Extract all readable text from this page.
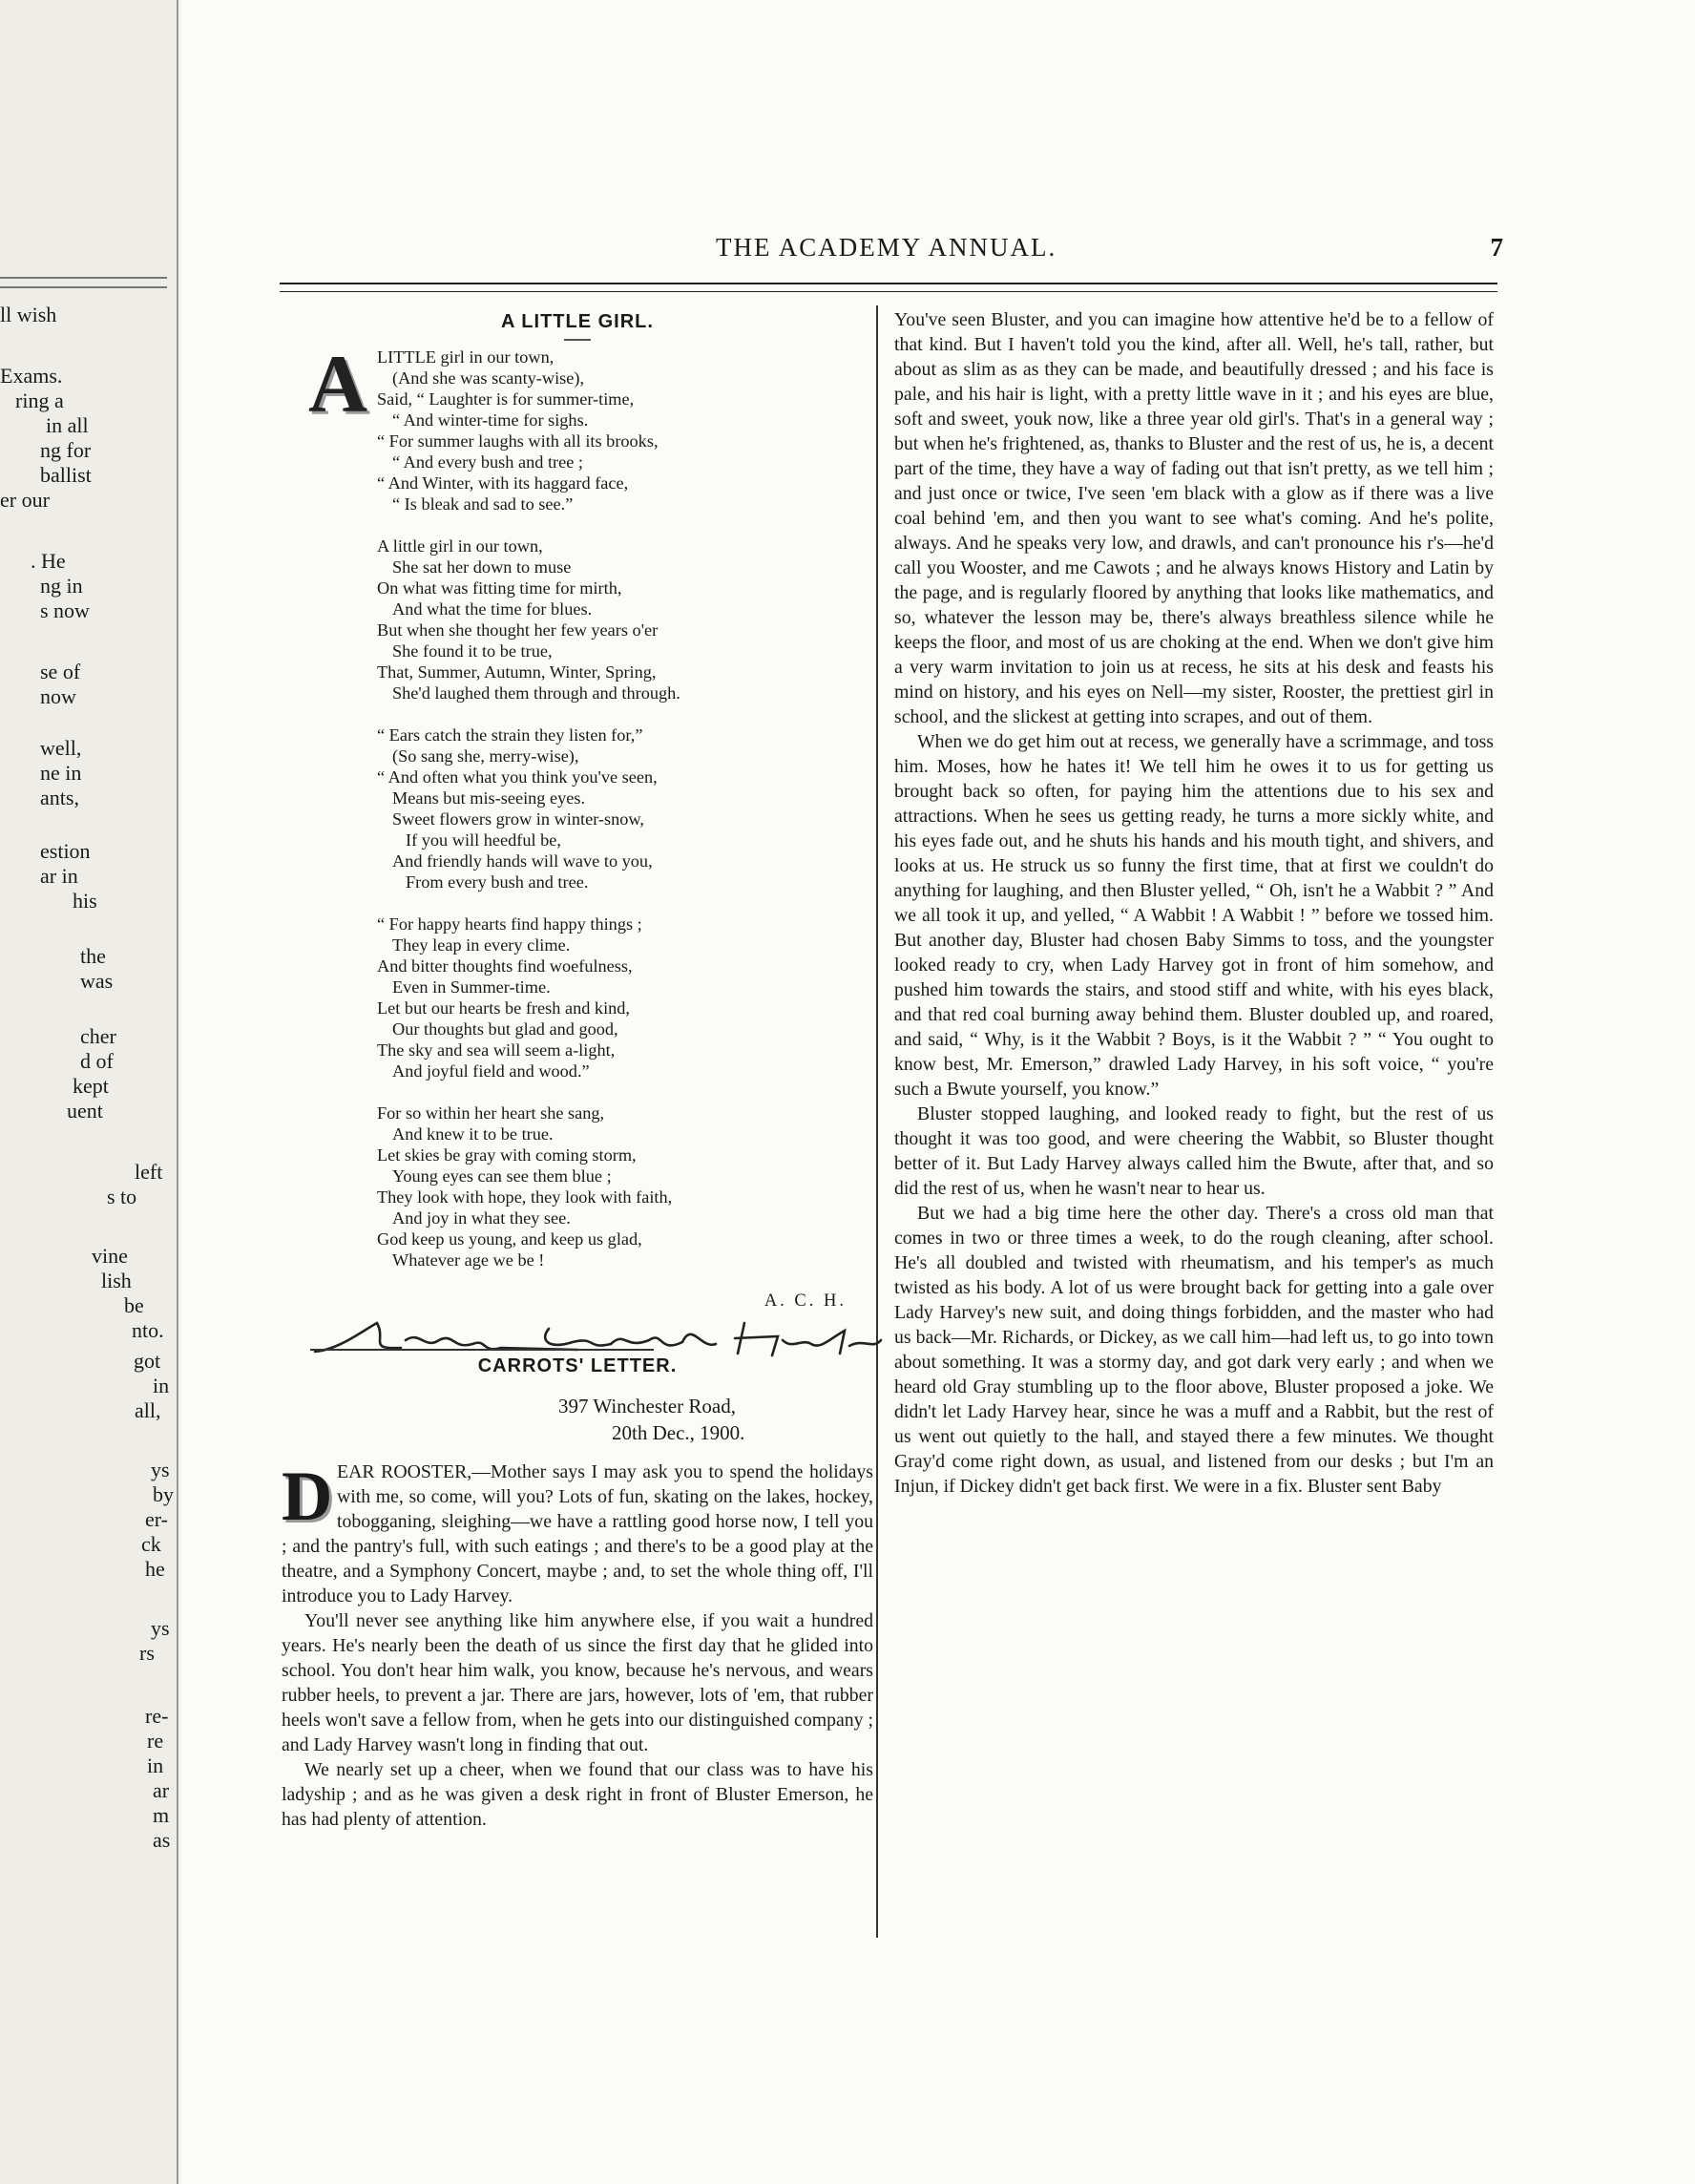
ll wish
Exams.
ring a
in all
ng for
ballist
er our
. He
ng in
s now
se of
now
well,
ne in
ants,
estion
ar in
his
the
was
cher
d of
kept
uent
left
s to
vine
lish
be
nto.
got
in
all,
ys
by
er-
ck
he
ys
rs
re-
re
in
ar
m
as
THE ACADEMY ANNUAL.	7
A LITTLE GIRL.
A LITTLE girl in our town,
(And she was scanty-wise),
Said, “ Laughter is for summer-time,
“ And winter-time for sighs.
“ For summer laughs with all its brooks,
“ And every bush and tree ;
“ And Winter, with its haggard face,
“ Is bleak and sad to see.”
A little girl in our town,
She sat her down to muse
On what was fitting time for mirth,
And what the time for blues.
But when she thought her few years o'er
She found it to be true,
That, Summer, Autumn, Winter, Spring,
She'd laughed them through and through.
“ Ears catch the strain they listen for,”
(So sang she, merry-wise),
“ And often what you think you've seen,
Means but mis-seeing eyes.
Sweet flowers grow in winter-snow,
If you will heedful be,
And friendly hands will wave to you,
From every bush and tree.
“ For happy hearts find happy things ;
They leap in every clime.
And bitter thoughts find woefulness,
Even in Summer-time.
Let but our hearts be fresh and kind,
Our thoughts but glad and good,
The sky and sea will seem a-light,
And joyful field and wood.”
For so within her heart she sang,
And knew it to be true.
Let skies be gray with coming storm,
Young eyes can see them blue ;
They look with hope, they look with faith,
And joy in what they see.
God keep us young, and keep us glad,
Whatever age we be !
A. C. H.
CARROTS' LETTER.
397 Winchester Road,
20th Dec., 1900.
D EAR ROOSTER,—Mother says I may ask you to spend the holidays with me, so come, will you? Lots of fun, skating on the lakes, hockey, tobogganing, sleighing—we have a rattling good horse now, I tell you ; and the pantry's full, with such eatings ; and there's to be a good play at the theatre, and a Symphony Concert, maybe ; and, to set the whole thing off, I'll introduce you to Lady Harvey.

You'll never see anything like him anywhere else, if you wait a hundred years. He's nearly been the death of us since the first day that he glided into school. You don't hear him walk, you know, because he's nervous, and wears rubber heels, to prevent a jar. There are jars, however, lots of 'em, that rubber heels won't save a fellow from, when he gets into our distinguished company ; and Lady Harvey wasn't long in finding that out.

We nearly set up a cheer, when we found that our class was to have his ladyship ; and as he was given a desk right in front of Bluster Emerson, he has had plenty of attention.

You've seen Bluster, and you can imagine how attentive he'd be to a fellow of that kind. But I haven't told you the kind, after all. Well, he's tall, rather, but about as slim as as they can be made, and beautifully dressed ; and his face is pale, and his hair is light, with a pretty little wave in it ; and his eyes are blue, soft and sweet, youk now, like a three year old girl's. That's in a general way ; but when he's frightened, as, thanks to Bluster and the rest of us, he is, a decent part of the time, they have a way of fading out that isn't pretty, as we tell him ; and just once or twice, I've seen 'em black with a glow as if there was a live coal behind 'em, and then you want to see what's coming. And he's polite, always. And he speaks very low, and drawls, and can't pronounce his r's—he'd call you Wooster, and me Cawots ; and he always knows History and Latin by the page, and is regularly floored by anything that looks like mathematics, and so, whatever the lesson may be, there's always breathless silence while he keeps the floor, and most of us are choking at the end. When we don't give him a very warm invitation to join us at recess, he sits at his desk and feasts his mind on history, and his eyes on Nell—my sister, Rooster, the prettiest girl in school, and the slickest at getting into scrapes, and out of them.

When we do get him out at recess, we generally have a scrimmage, and toss him. Moses, how he hates it! We tell him he owes it to us for getting us brought back so often, for paying him the attentions due to his sex and attractions. When he sees us getting ready, he turns a more sickly white, and his eyes fade out, and he shuts his hands and his mouth tight, and shivers, and looks at us. He struck us so funny the first time, that at first we couldn't do anything for laughing, and then Bluster yelled, “ Oh, isn't he a Wabbit ? ” And we all took it up, and yelled, “ A Wabbit ! A Wabbit ! ” before we tossed him. But another day, Bluster had chosen Baby Simms to toss, and the youngster looked ready to cry, when Lady Harvey got in front of him somehow, and pushed him towards the stairs, and stood stiff and white, with his eyes black, and that red coal burning away behind them. Bluster doubled up, and roared, and said, “ Why, is it the Wabbit ? Boys, is it the Wabbit ? ” “ You ought to know best, Mr. Emerson,” drawled Lady Harvey, in his soft voice, “ you're such a Bwute yourself, you know.”

Bluster stopped laughing, and looked ready to fight, but the rest of us thought it was too good, and were cheering the Wabbit, so Bluster thought better of it. But Lady Harvey always called him the Bwute, after that, and so did the rest of us, when he wasn't near to hear us.

But we had a big time here the other day. There's a cross old man that comes in two or three times a week, to do the rough cleaning, after school. He's all doubled and twisted with rheumatism, and his temper's as much twisted as his body. A lot of us were brought back for getting into a gale over Lady Harvey's new suit, and doing things forbidden, and the master who had us back—Mr. Richards, or Dickey, as we call him—had left us, to go into town about something. It was a stormy day, and got dark very early ; and when we heard old Gray stumbling up to the floor above, Bluster proposed a joke. We didn't let Lady Harvey hear, since he was a muff and a Rabbit, but the rest of us went out quietly to the hall, and stayed there a few minutes. We thought Gray'd come right down, as usual, and listened from our desks ; but I'm an Injun, if Dickey didn't get back first. We were in a fix. Bluster sent Baby
